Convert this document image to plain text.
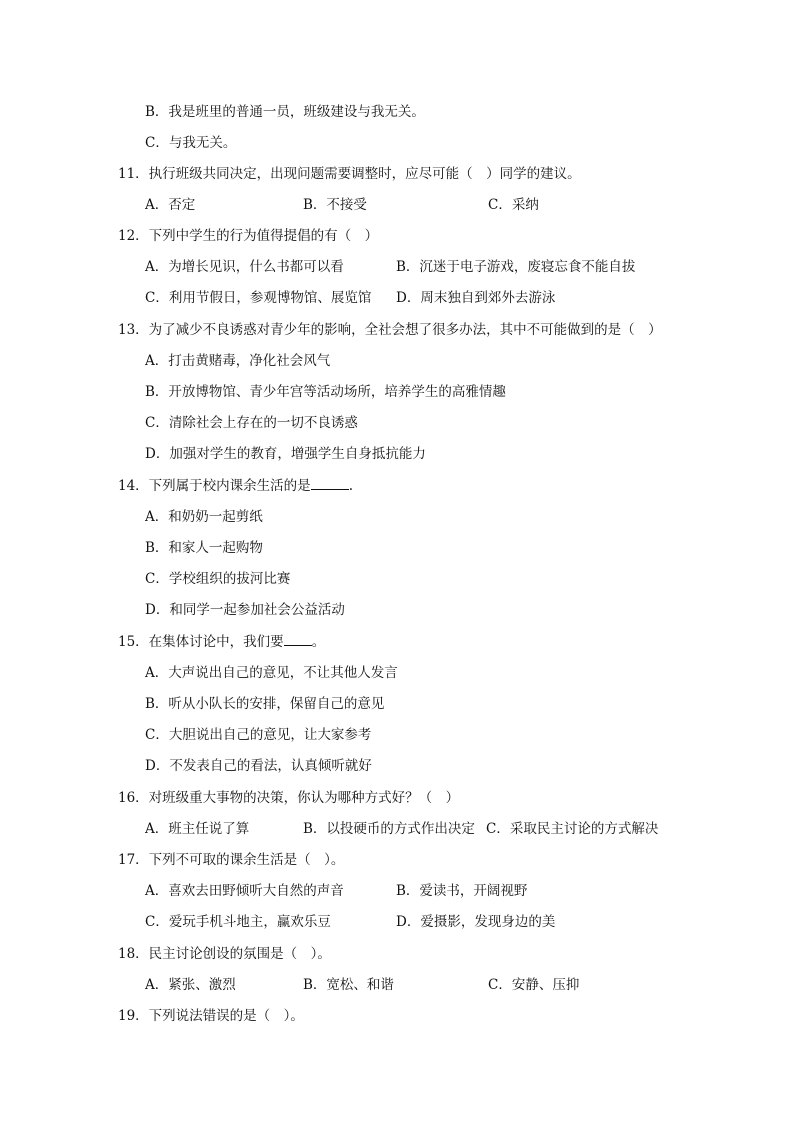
B．我是班里的普通一员，班级建设与我无关。
C．与我无关。
11．执行班级共同决定，出现问题需要调整时，应尽可能（　）同学的建议。
A．否定	B．不接受	C．采纳
12．下列中学生的行为值得提倡的有（　）
A．为增长见识，什么书都可以看	B．沉迷于电子游戏，废寝忘食不能自拔
C．利用节假日，参观博物馆、展览馆 D．周末独自到郊外去游泳
13．为了减少不良诱惑对青少年的影响，全社会想了很多办法，其中不可能做到的是（　）
A．打击黄赌毒，净化社会风气
B．开放博物馆、青少年宫等活动场所，培养学生的高雅情趣
C．清除社会上存在的一切不良诱惑
D．加强对学生的教育，增强学生自身抵抗能力
14．下列属于校内课余生活的是	.
A．和奶奶一起剪纸
B．和家人一起购物
C．学校组织的拔河比赛
D．和同学一起参加社会公益活动
15．在集体讨论中，我们要 。
A．大声说出自己的意见，不让其他人发言
B．听从小队长的安排，保留自己的意见
C．大胆说出自己的意见，让大家参考
D．不发表自己的看法，认真倾听就好
16．对班级重大事物的决策，你认为哪种方式好？（　）
A．班主任说了算	B．以投硬币的方式作出决定 C．采取民主讨论的方式解决
17．下列不可取的课余生活是（　）。
A．喜欢去田野倾听大自然的声音	B．爱读书，开阔视野
C．爱玩手机斗地主，赢欢乐豆	D．爱摄影，发现身边的美
18．民主讨论创设的氛围是（　）。
A．紧张、激烈	B．宽松、和谐	C．安静、压抑
19．下列说法错误的是（　）。
